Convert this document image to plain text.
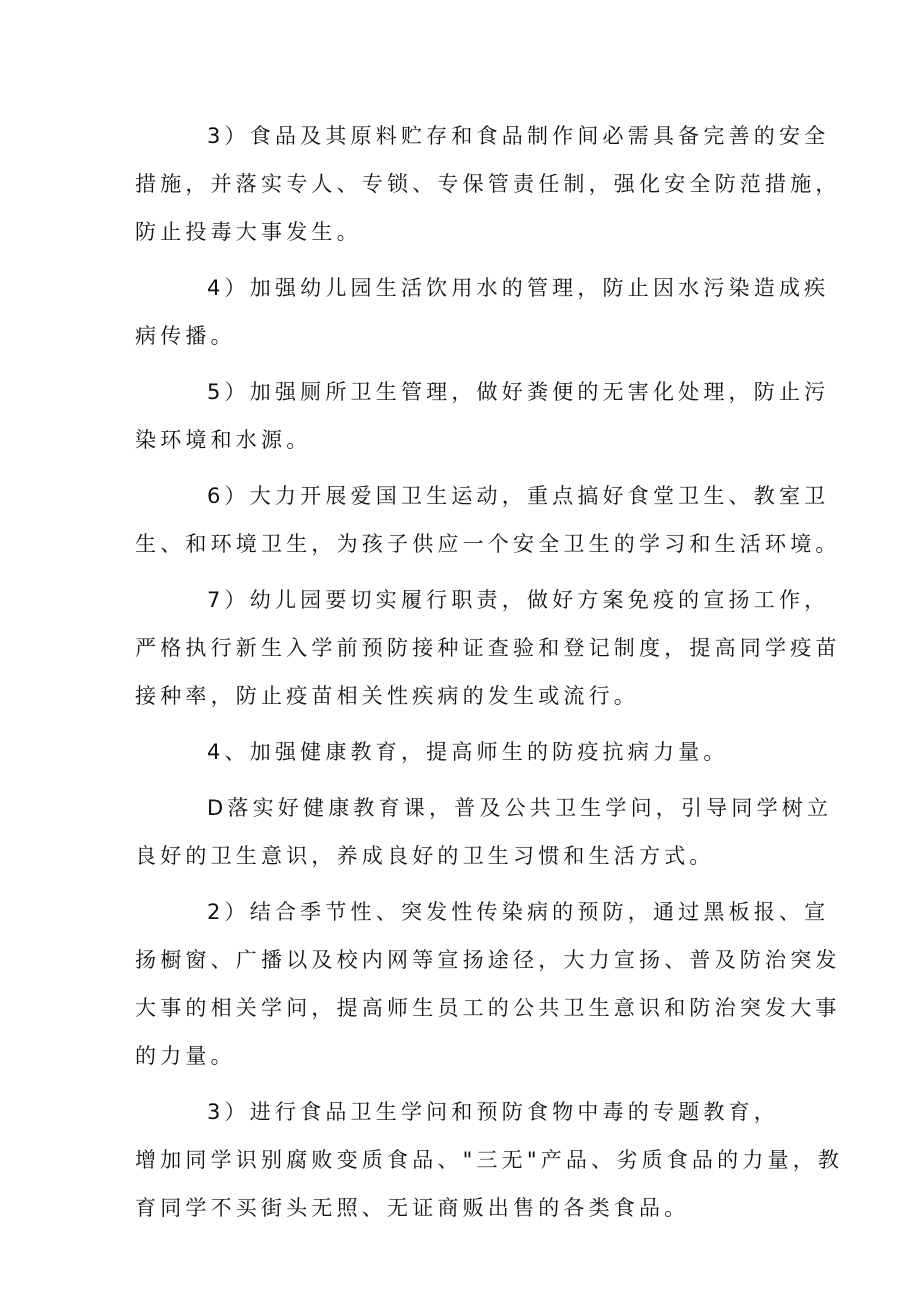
3）食品及其原料贮存和食品制作间必需具备完善的安全
措施，并落实专人、专锁、专保管责任制，强化安全防范措施，
防止投毒大事发生。

4）加强幼儿园生活饮用水的管理，防止因水污染造成疾
病传播。

5）加强厕所卫生管理，做好粪便的无害化处理，防止污
染环境和水源。

6）大力开展爱国卫生运动，重点搞好食堂卫生、教室卫
生、和环境卫生，为孩子供应一个安全卫生的学习和生活环境。

7）幼儿园要切实履行职责，做好方案免疫的宣扬工作，
严格执行新生入学前预防接种证查验和登记制度，提高同学疫苗
接种率，防止疫苗相关性疾病的发生或流行。

4、加强健康教育，提高师生的防疫抗病力量。

D落实好健康教育课，普及公共卫生学问，引导同学树立
良好的卫生意识，养成良好的卫生习惯和生活方式。

2）结合季节性、突发性传染病的预防，通过黑板报、宣
扬橱窗、广播以及校内网等宣扬途径，大力宣扬、普及防治突发
大事的相关学问，提高师生员工的公共卫生意识和防治突发大事
的力量。

3）进行食品卫生学问和预防食物中毒的专题教育，
增加同学识别腐败变质食品、"三无"产品、劣质食品的力量，教
育同学不买街头无照、无证商贩出售的各类食品。
